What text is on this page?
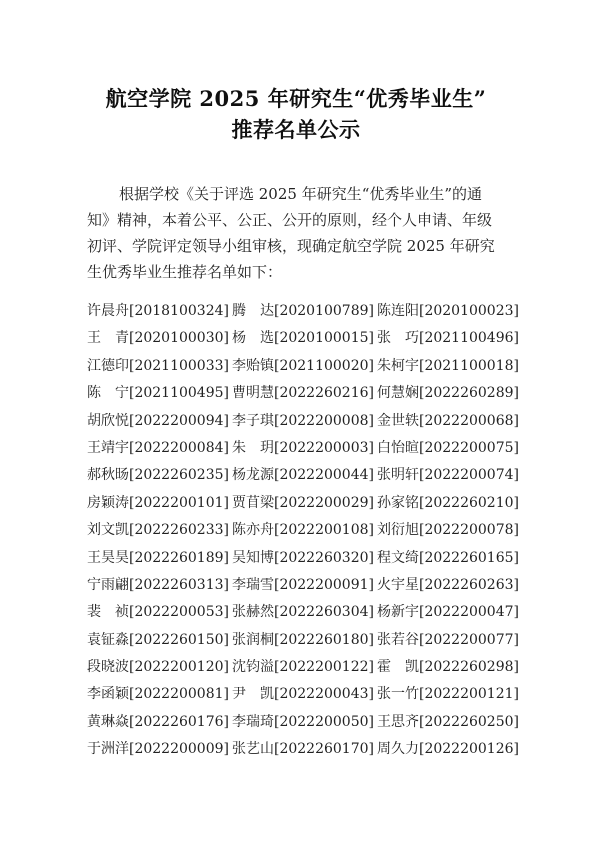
航空学院 2025 年研究生“优秀毕业生”
推荐名单公示
根据学校《关于评选 2025 年研究生“优秀毕业生”的通
知》精神，本着公平、公正、公开的原则，经个人申请、年级
初评、学院评定领导小组审核，现确定航空学院 2025 年研究
生优秀毕业生推荐名单如下：
许晨舟[2018100324] 腾　达[2020100789] 陈连阳[2020100023]
王　青[2020100030] 杨　选[2020100015] 张　巧[2021100496]
江德印[2021100033] 李贻镇[2021100020] 朱柯宇[2021100018]
陈　宁[2021100495] 曹明慧[2022260216] 何慧娴[2022260289]
胡欣悦[2022200094] 李子琪[2022200008] 金世轶[2022200068]
王靖宇[2022200084] 朱　玥[2022200003] 白怡暄[2022200075]
郝秋旸[2022260235] 杨龙源[2022200044] 张明轩[2022200074]
房颖涛[2022200101] 贾苜梁[2022200029] 孙家铭[2022260210]
刘文凯[2022260233] 陈亦舟[2022200108] 刘衍旭[2022200078]
王昊昊[2022260189] 吴知博[2022260320] 程文绮[2022260165]
宁雨翩[2022260313] 李瑞雪[2022200091] 火宇星[2022260263]
裴　祯[2022200053] 张赫然[2022260304] 杨新宇[2022200047]
袁钲淼[2022260150] 张润桐[2022260180] 张若谷[2022200077]
段晓波[2022200120] 沈钧溢[2022200122] 霍　凯[2022260298]
李函颖[2022200081] 尹　凯[2022200043] 张一竹[2022200121]
黄琳焱[2022260176] 李瑞琦[2022200050] 王思齐[2022260250]
于洲洋[2022200009] 张艺山[2022260170] 周久力[2022200126]
